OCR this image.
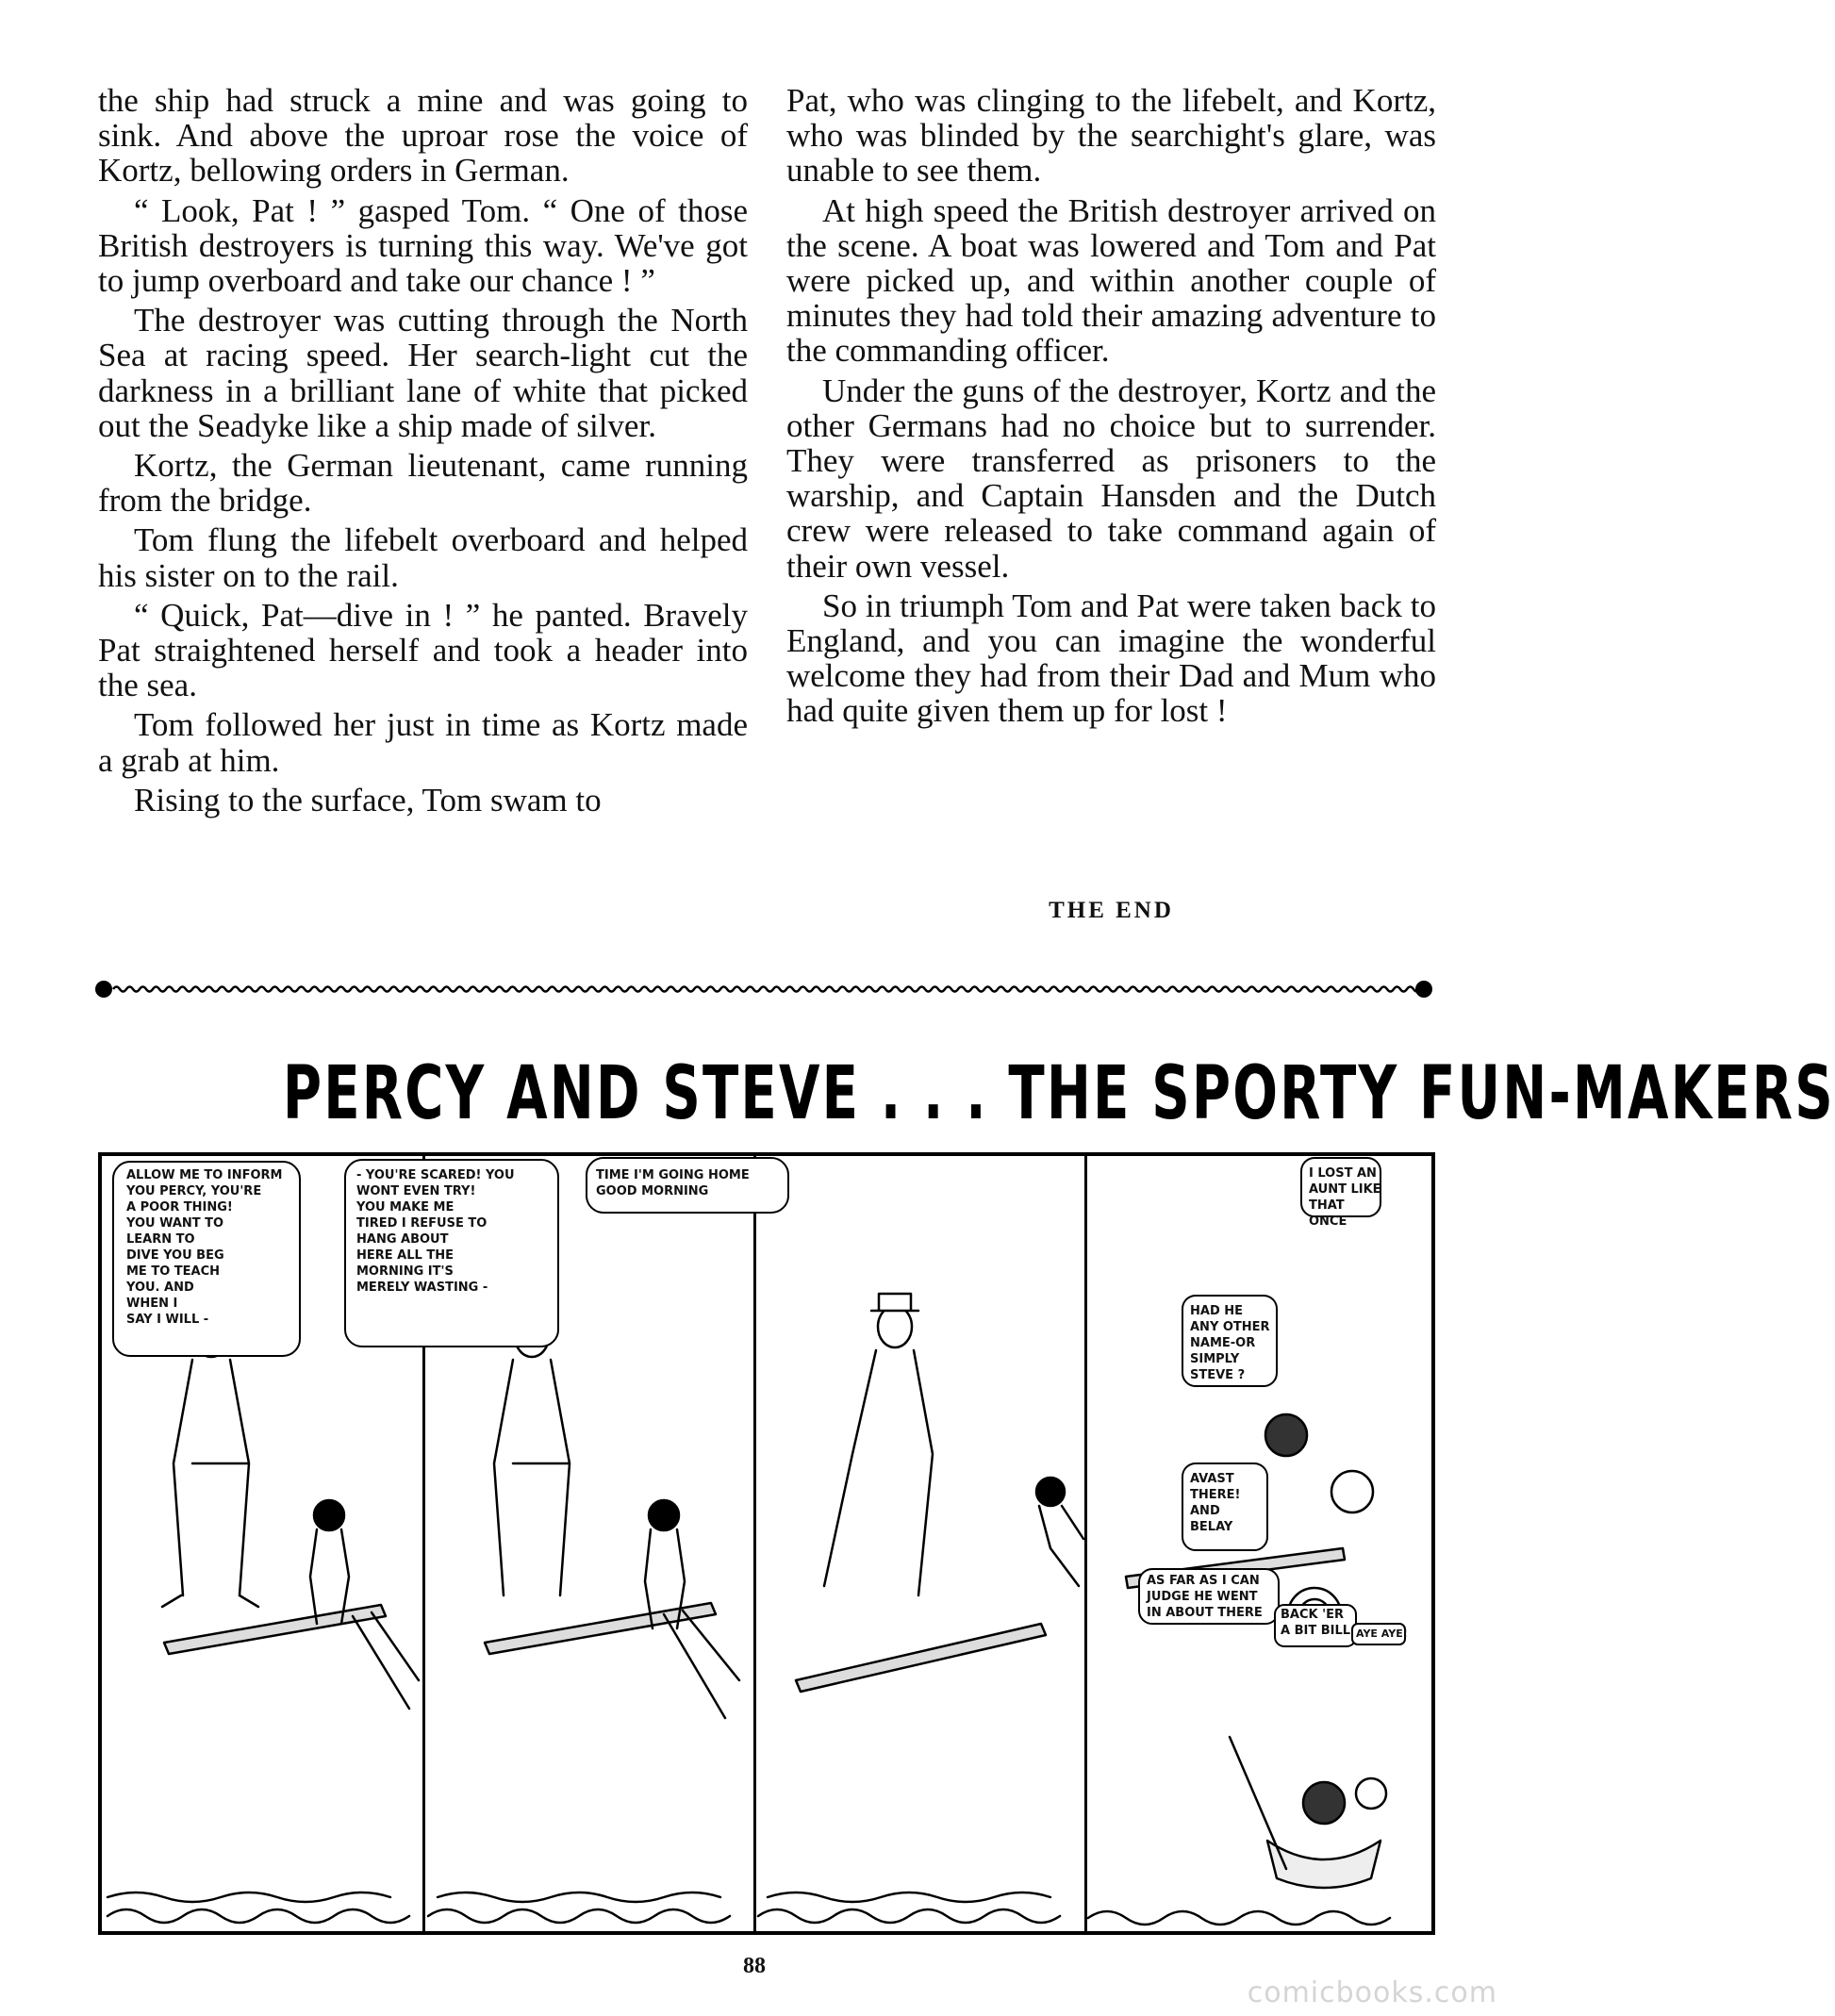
the ship had struck a mine and was going to sink. And above the uproar rose the voice of Kortz, bellowing orders in German.

“ Look, Pat ! ” gasped Tom. “ One of those British destroyers is turning this way. We've got to jump overboard and take our chance ! ”

The destroyer was cutting through the North Sea at racing speed. Her search-light cut the darkness in a brilliant lane of white that picked out the Seadyke like a ship made of silver.

Kortz, the German lieutenant, came running from the bridge.

Tom flung the lifebelt overboard and helped his sister on to the rail.

“ Quick, Pat—dive in ! ” he panted. Bravely Pat straightened herself and took a header into the sea.

Tom followed her just in time as Kortz made a grab at him.

Rising to the surface, Tom swam to

Pat, who was clinging to the lifebelt, and Kortz, who was blinded by the searchight's glare, was unable to see them.

At high speed the British destroyer arrived on the scene. A boat was lowered and Tom and Pat were picked up, and within another couple of minutes they had told their amazing adventure to the commanding officer.

Under the guns of the destroyer, Kortz and the other Germans had no choice but to surrender. They were transferred as prisoners to the warship, and Captain Hansden and the Dutch crew were released to take command again of their own vessel.

So in triumph Tom and Pat were taken back to England, and you can imagine the wonderful welcome they had from their Dad and Mum who had quite given them up for lost !

THE END
PERCY AND STEVE . . . THE SPORTY FUN-MAKERS
ALLOW ME TO INFORM
YOU PERCY, YOU'RE
A POOR THING!
YOU WANT TO
LEARN TO
DIVE YOU BEG
ME TO TEACH
YOU. AND
WHEN I
SAY I WILL -
- YOU'RE SCARED! YOU
WONT EVEN TRY!
YOU MAKE ME
TIRED I REFUSE TO
HANG ABOUT
HERE ALL THE
MORNING IT'S
MERELY WASTING -
TIME I'M GOING HOME
GOOD MORNING
I LOST AN
AUNT LIKE
THAT ONCE
HAD HE
ANY OTHER
NAME-OR
SIMPLY
STEVE ?
AVAST
THERE!
AND
BELAY
AS FAR AS I CAN
JUDGE HE WENT
IN ABOUT THERE	BACK 'ER
A BIT BILL AYE AYE!
88
comicbooks.com
